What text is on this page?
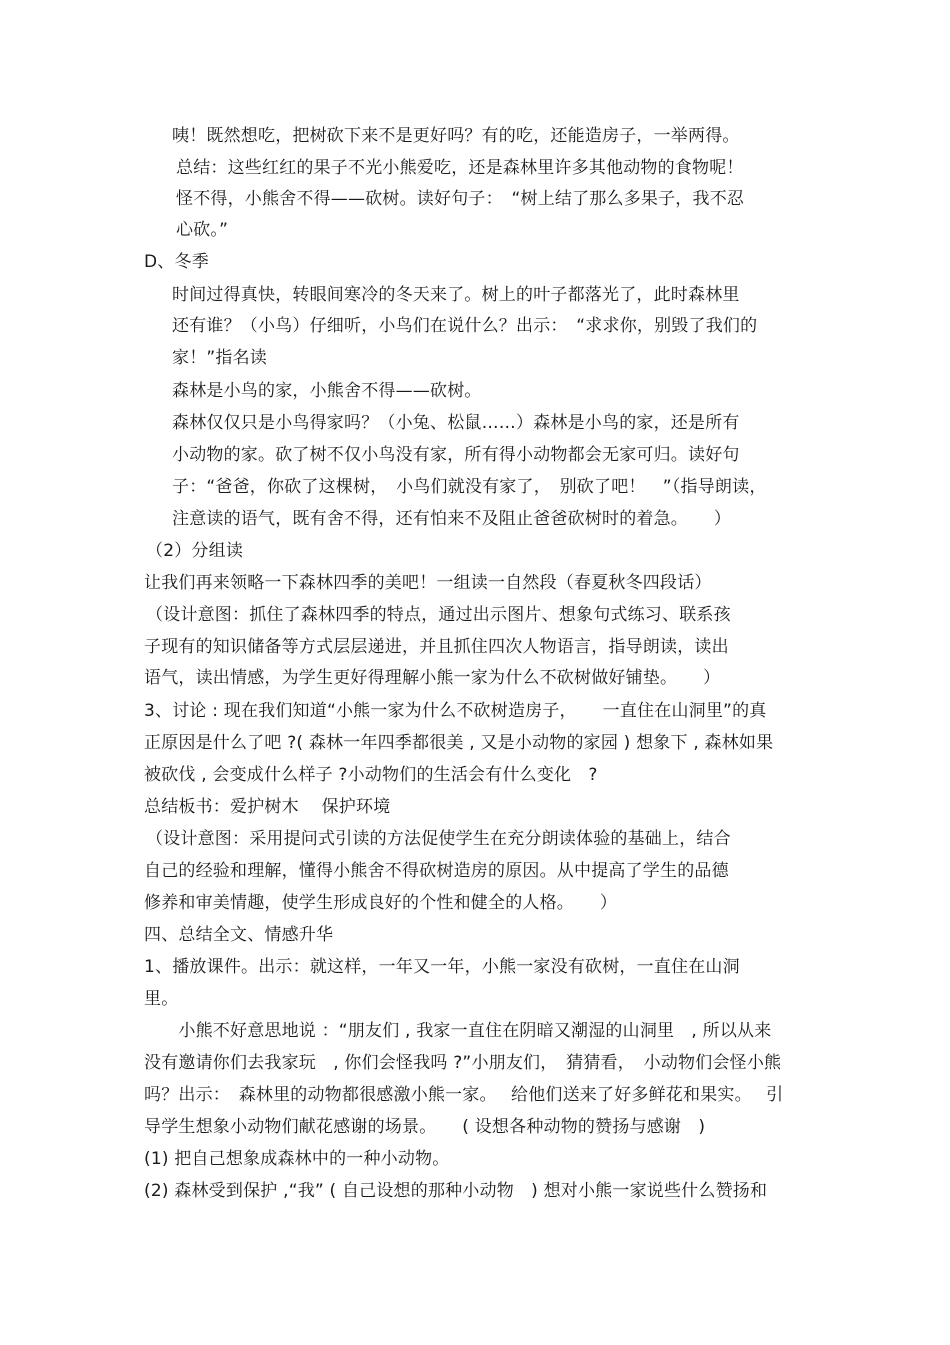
咦！既然想吃，把树砍下来不是更好吗？有的吃，还能造房子，一举两得。
总结：这些红红的果子不光小熊爱吃，还是森林里许多其他动物的食物呢！
怪不得，小熊舍不得——砍树。读好句子：　“树上结了那么多果子，我不忍
心砍。”
D、冬季
时间过得真快，转眼间寒冷的冬天来了。树上的叶子都落光了，此时森林里
还有谁？（小鸟）仔细听，小鸟们在说什么？出示：　“求求你，别毁了我们的
家！”指名读
森林是小鸟的家，小熊舍不得——砍树。
森林仅仅只是小鸟得家吗？（小兔、松鼠……）森林是小鸟的家，还是所有
小动物的家。砍了树不仅小鸟没有家，所有得小动物都会无家可归。读好句
子：“爸爸，你砍了这棵树，　小鸟们就没有家了，　别砍了吧！　”（指导朗读，
注意读的语气，既有舍不得，还有怕来不及阻止爸爸砍树时的着急。　　）
（2）分组读
让我们再来领略一下森林四季的美吧！一组读一自然段（春夏秋冬四段话）
（设计意图：抓住了森林四季的特点，通过出示图片、想象句式练习、联系孩
子现有的知识储备等方式层层递进，并且抓住四次人物语言，指导朗读，读出
语气，读出情感，为学生更好得理解小熊一家为什么不砍树做好铺垫。　　）
3、讨论 : 现在我们知道“小熊一家为什么不砍树造房子，　　一直住在山洞里”的真
正原因是什么了吧 ?( 森林一年四季都很美 , 又是小动物的家园 ) 想象下 , 森林如果
被砍伐 , 会变成什么样子 ?小动物们的生活会有什么变化　?
总结板书：爱护树木　 保护环境
（设计意图：采用提问式引读的方法促使学生在充分朗读体验的基础上，结合
自己的经验和理解，懂得小熊舍不得砍树造房的原因。从中提高了学生的品德
修养和审美情趣，使学生形成良好的个性和健全的人格。　　）
四、总结全文、情感升华
1、播放课件。出示：就这样，一年又一年，小熊一家没有砍树，一直住在山洞
里。
　　小熊不好意思地说 ：“朋友们 , 我家一直住在阴暗又潮湿的山洞里　, 所以从来
没有邀请你们去我家玩　, 你们会怪我吗 ?”小朋友们，　猜猜看，　小动物们会怪小熊
吗？出示：　森林里的动物都很感激小熊一家。　 给他们送来了好多鲜花和果实。　 引
导学生想象小动物们献花感谢的场景。　　( 设想各种动物的赞扬与感谢　)
(1) 把自己想象成森林中的一种小动物。
(2) 森林受到保护 ,“我” ( 自己设想的那种小动物　) 想对小熊一家说些什么赞扬和
